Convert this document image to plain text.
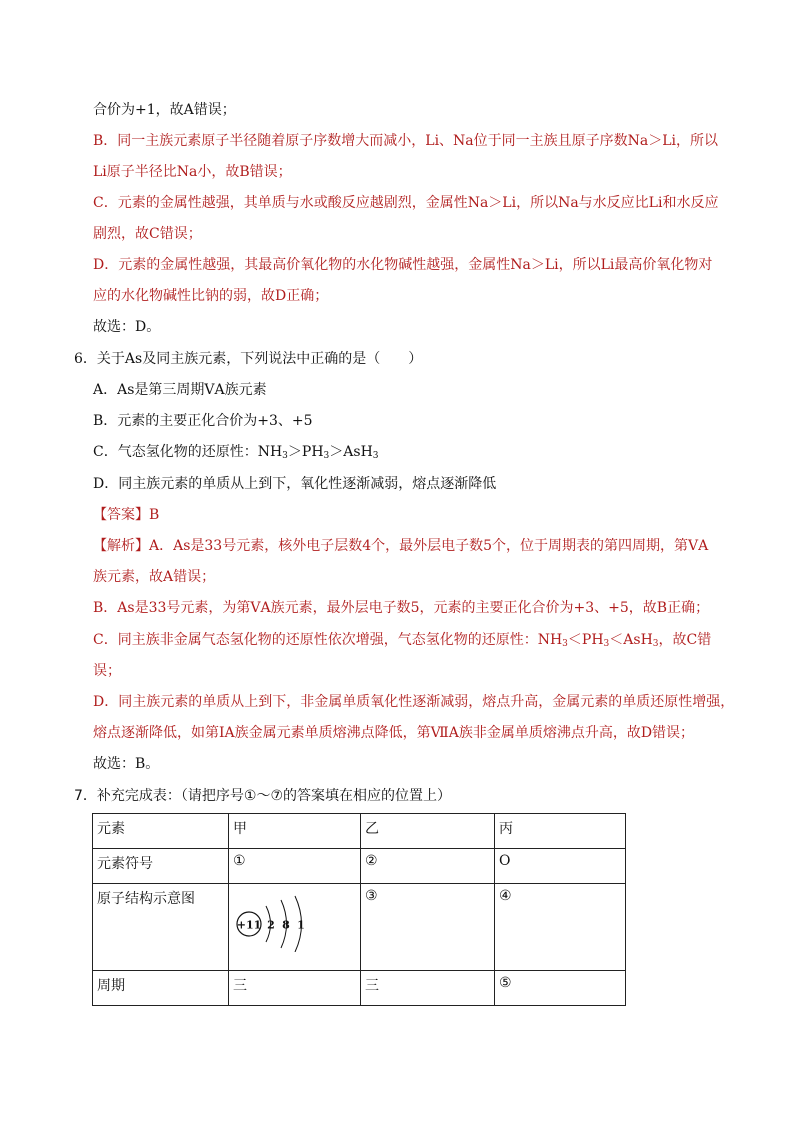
合价为+1，故A错误；
B．同一主族元素原子半径随着原子序数增大而减小，Li、Na位于同一主族且原子序数Na＞Li，所以
Li原子半径比Na小，故B错误；
C．元素的金属性越强，其单质与水或酸反应越剧烈，金属性Na＞Li，所以Na与水反应比Li和水反应
剧烈，故C错误；
D．元素的金属性越强，其最高价氧化物的水化物碱性越强，金属性Na＞Li，所以Li最高价氧化物对
应的水化物碱性比钠的弱，故D正确；
故选：D。
6．关于As及同主族元素，下列说法中正确的是（　　）
A．As是第三周期ⅤA族元素
B．元素的主要正化合价为+3、+5
C．气态氢化物的还原性：$NH_3>PH_3>AsH_3$
D．同主族元素的单质从上到下，氧化性逐渐减弱，熔点逐渐降低
【答案】B
【解析】A．As是33号元素，核外电子层数4个，最外层电子数5个，位于周期表的第四周期，第ⅤA
族元素，故A错误；
B．As是33号元素，为第ⅤA族元素，最外层电子数5，元素的主要正化合价为+3、+5，故B正确；
C．同主族非金属气态氢化物的还原性依次增强，气态氢化物的还原性：$NH_3<PH_3<AsH_3$，故C错
误；
D．同主族元素的单质从上到下，非金属单质氧化性逐渐减弱，熔点升高，金属元素的单质还原性增强，
熔点逐渐降低，如第ⅠA族金属元素单质熔沸点降低，第ⅦA族非金属单质熔沸点升高，故D错误；
故选：B。
7．补充完成表：（请把序号①～⑦的答案填在相应的位置上）
元素	甲	乙	丙
元素符号	①	②	O
原子结构示意图	+11 2 8 1	③	④
周期	三	三	⑤
